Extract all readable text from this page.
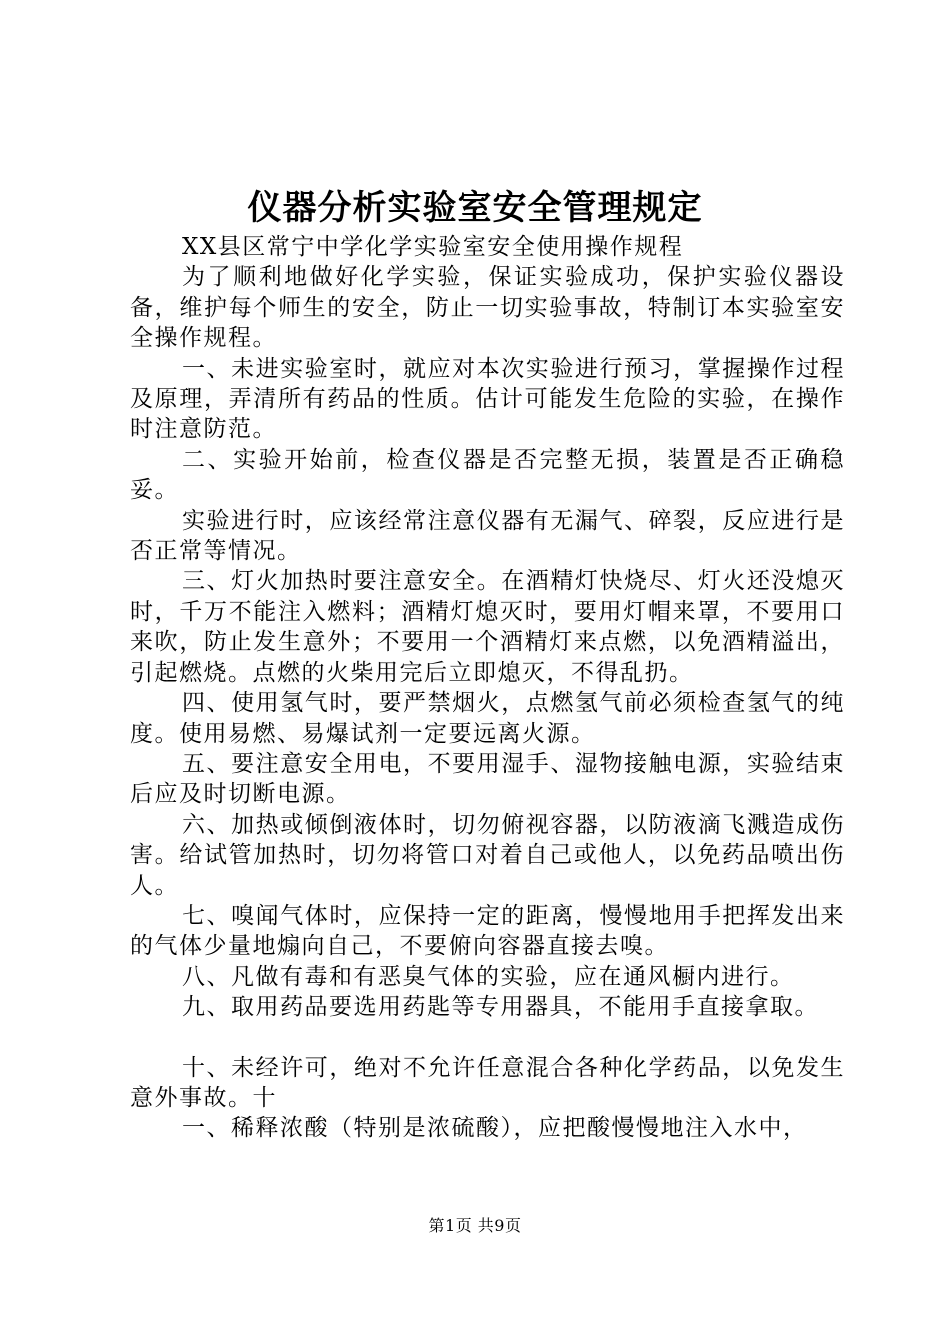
仪器分析实验室安全管理规定

XX县区常宁中学化学实验室安全使用操作规程

为了顺利地做好化学实验，保证实验成功，保护实验仪器设备，维护每个师生的安全，防止一切实验事故，特制订本实验室安全操作规程。

一、未进实验室时，就应对本次实验进行预习，掌握操作过程及原理，弄清所有药品的性质。估计可能发生危险的实验，在操作时注意防范。

二、实验开始前，检查仪器是否完整无损，装置是否正确稳妥。

实验进行时，应该经常注意仪器有无漏气、碎裂，反应进行是否正常等情况。

三、灯火加热时要注意安全。在酒精灯快烧尽、灯火还没熄灭时，千万不能注入燃料；酒精灯熄灭时，要用灯帽来罩，不要用口来吹，防止发生意外；不要用一个酒精灯来点燃，以免酒精溢出，引起燃烧。点燃的火柴用完后立即熄灭，不得乱扔。

四、使用氢气时，要严禁烟火，点燃氢气前必须检查氢气的纯度。使用易燃、易爆试剂一定要远离火源。

五、要注意安全用电，不要用湿手、湿物接触电源，实验结束后应及时切断电源。

六、加热或倾倒液体时，切勿俯视容器，以防液滴飞溅造成伤害。给试管加热时，切勿将管口对着自己或他人，以免药品喷出伤人。

七、嗅闻气体时，应保持一定的距离，慢慢地用手把挥发出来的气体少量地煽向自己，不要俯向容器直接去嗅。

八、凡做有毒和有恶臭气体的实验，应在通风橱内进行。

九、取用药品要选用药匙等专用器具，不能用手直接拿取。

十、未经许可，绝对不允许任意混合各种化学药品，以免发生意外事故。十

一、稀释浓酸（特别是浓硫酸），应把酸慢慢地注入水中，

第1页 共9页
